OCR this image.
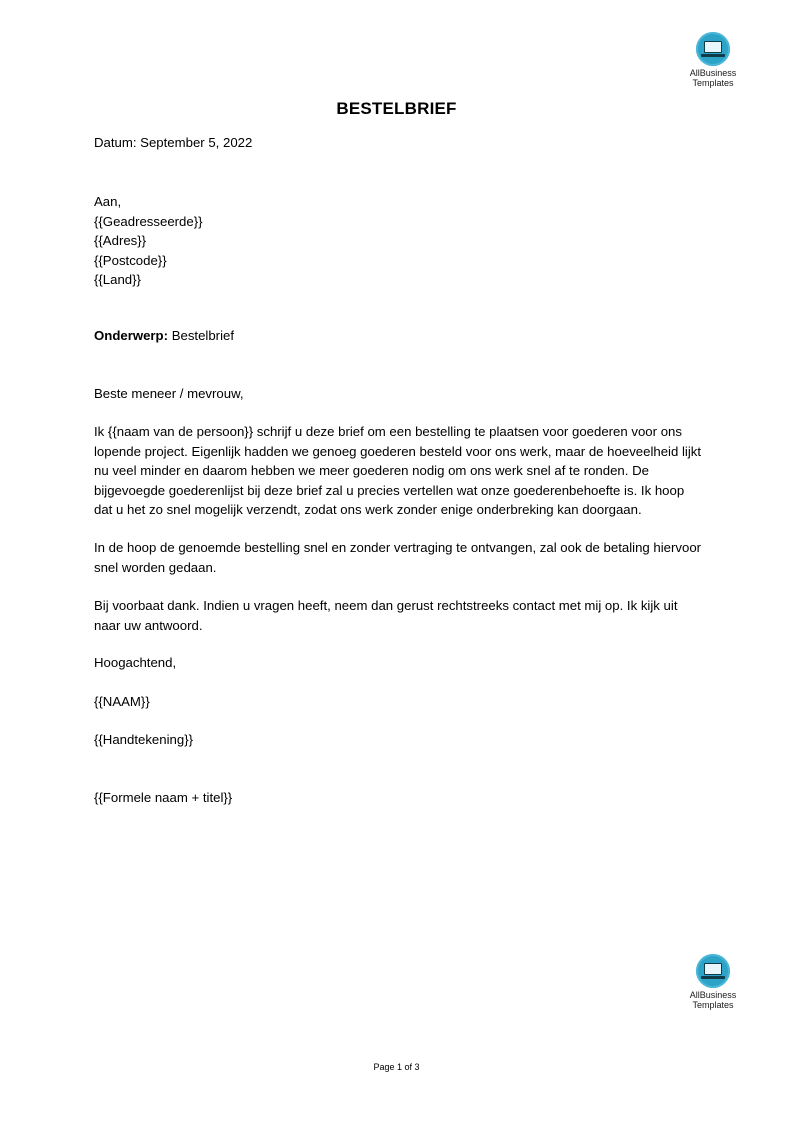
AllBusiness
Templates
BESTELBRIEF

Datum: September 5, 2022

Aan,

{{Geadresseerde}}

{{Adres}}

{{Postcode}}

{{Land}}

Onderwerp: Bestelbrief

Beste meneer / mevrouw,

Ik {{naam van de persoon}} schrijf u deze brief om een bestelling te plaatsen voor goederen voor ons lopende project. Eigenlijk hadden we genoeg goederen besteld voor ons werk, maar de hoeveelheid lijkt nu veel minder en daarom hebben we meer goederen nodig om ons werk snel af te ronden. De bijgevoegde goederenlijst bij deze brief zal u precies vertellen wat onze goederenbehoefte is. Ik hoop dat u het zo snel mogelijk verzendt, zodat ons werk zonder enige onderbreking kan doorgaan.

In de hoop de genoemde bestelling snel en zonder vertraging te ontvangen, zal ook de betaling hiervoor snel worden gedaan.

Bij voorbaat dank. Indien u vragen heeft, neem dan gerust rechtstreeks contact met mij op. Ik kijk uit naar uw antwoord.

Hoogachtend,

{{NAAM}}

{{Handtekening}}

{{Formele naam + titel}}

AllBusiness
Templates
Page 1 of 3
